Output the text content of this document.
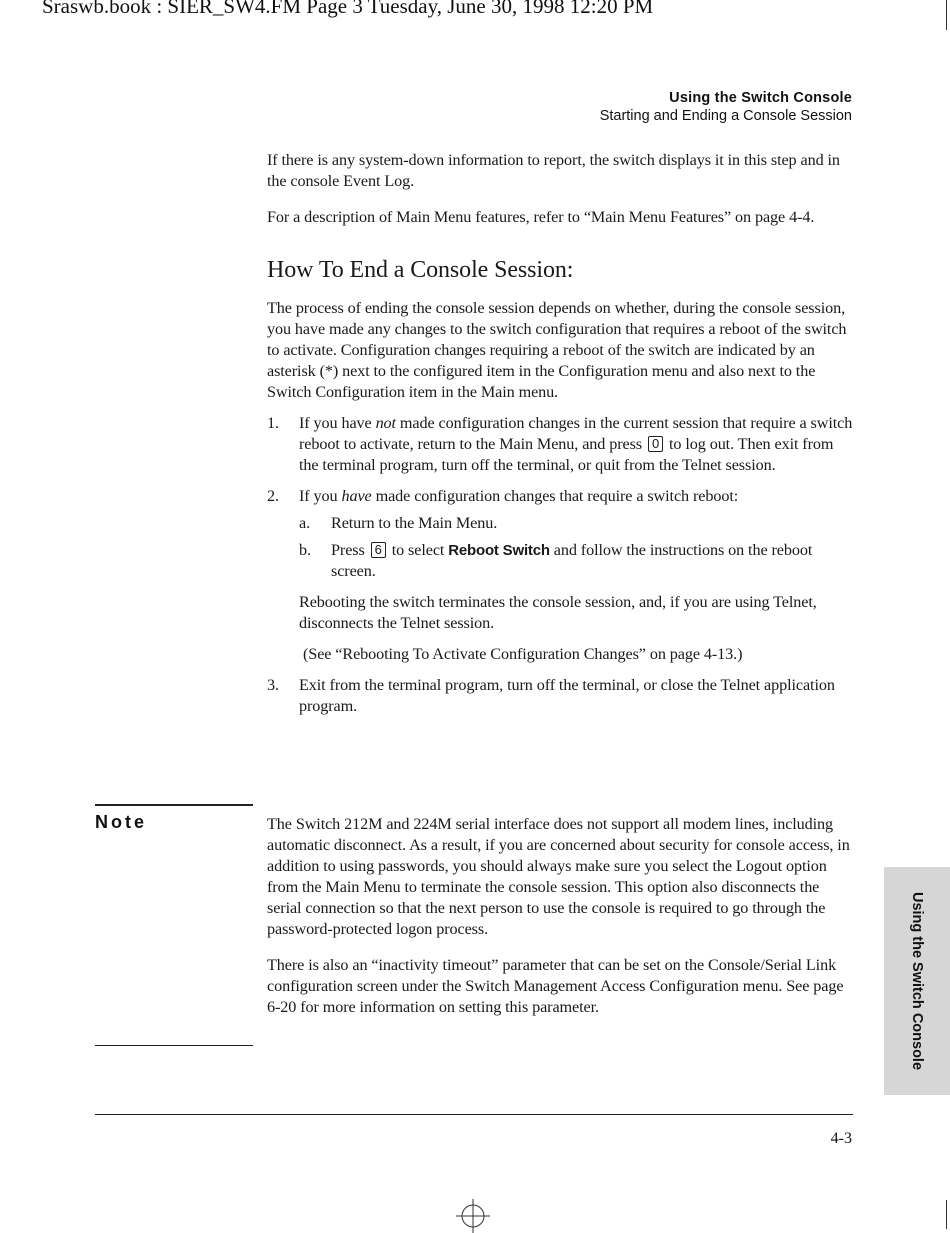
Sraswb.book : SIER_SW4.FM Page 3 Tuesday, June 30, 1998 12:20 PM
Using the Switch Console
Starting and Ending a Console Session

If there is any system-down information to report, the switch displays it in this step and in the console Event Log.

For a description of Main Menu features, refer to “Main Menu Features” on page 4-4.

How To End a Console Session:

The process of ending the console session depends on whether, during the console session, you have made any changes to the switch configuration that requires a reboot of the switch to activate. Configuration changes requiring a reboot of the switch are indicated by an asterisk (*) next to the configured item in the Configuration menu and also next to the Switch Configuration item in the Main menu.

1. If you have not made configuration changes in the current session that require a switch reboot to activate, return to the Main Menu, and press 0 to log out. Then exit from the terminal program, turn off the terminal, or quit from the Telnet session.
2. If you have made configuration changes that require a switch reboot:
a. Return to the Main Menu.
b. Press 6 to select Reboot Switch and follow the instructions on the reboot screen.

Rebooting the switch terminates the console session, and, if you are using Telnet, disconnects the Telnet session.

(See “Rebooting To Activate Configuration Changes” on page 4-13.)

3. Exit from the terminal program, turn off the terminal, or close the Telnet application program.
Note	The Switch 212M and 224M serial interface does not support all modem lines, including automatic disconnect. As a result, if you are concerned about security for console access, in addition to using passwords, you should always make sure you select the Logout option from the Main Menu to terminate the console session. This option also disconnects the serial connection so that the next person to use the console is required to go through the password-protected logon process.

There is also an “inactivity timeout” parameter that can be set on the Console/Serial Link configuration screen under the Switch Management Access Configuration menu. See page 6-20 for more information on setting this parameter.	Using the Switch Console
4-3
